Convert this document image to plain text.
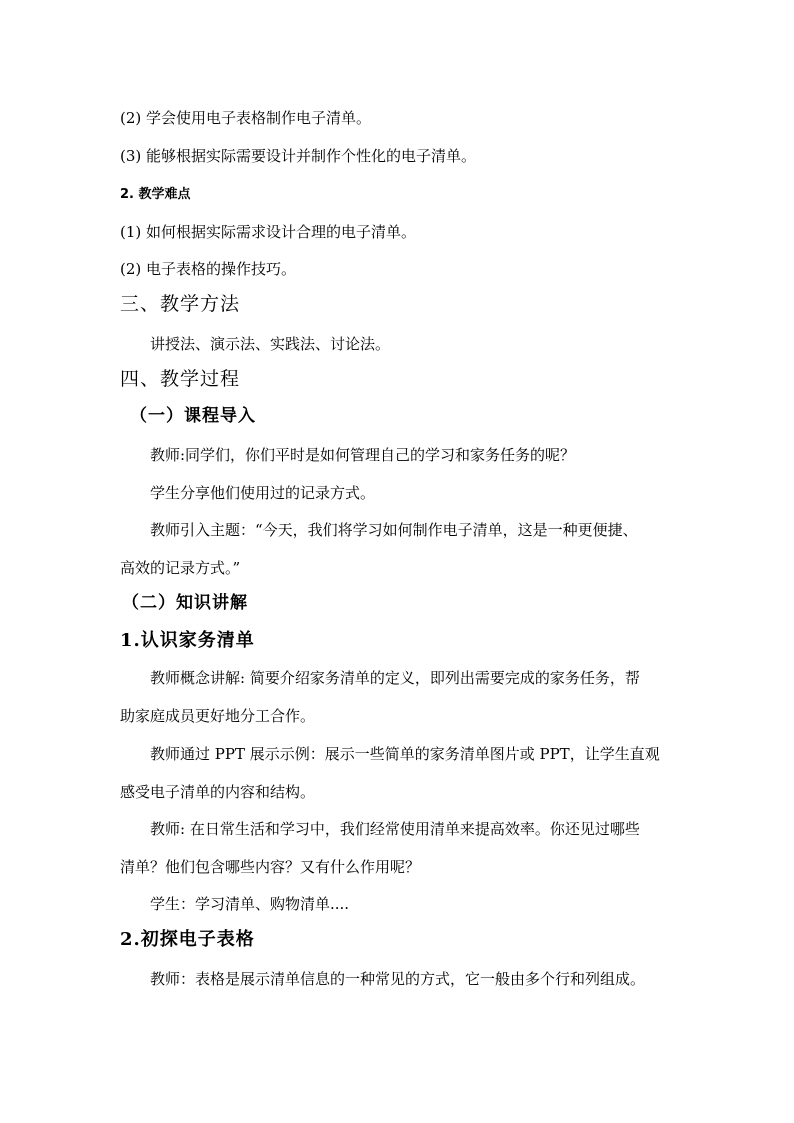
(2) 学会使用电子表格制作电子清单。
(3) 能够根据实际需要设计并制作个性化的电子清单。
2. 教学难点
(1) 如何根据实际需求设计合理的电子清单。
(2) 电子表格的操作技巧。
三、教学方法
讲授法、演示法、实践法、讨论法。
四、教学过程
（一）课程导入
教师:同学们，你们平时是如何管理自己的学习和家务任务的呢？
学生分享他们使用过的记录方式。
教师引入主题：“今天，我们将学习如何制作电子清单，这是一种更便捷、
高效的记录方式。”
（二）知识讲解
1.认识家务清单
教师概念讲解: 简要介绍家务清单的定义，即列出需要完成的家务任务，帮
助家庭成员更好地分工合作。
教师通过 PPT 展示示例：展示一些简单的家务清单图片或 PPT，让学生直观
感受电子清单的内容和结构。
教师: 在日常生活和学习中，我们经常使用清单来提高效率。你还见过哪些
清单？他们包含哪些内容？又有什么作用呢？
学生：学习清单、购物清单....
2.初探电子表格
教师：表格是展示清单信息的一种常见的方式，它一般由多个行和列组成。
